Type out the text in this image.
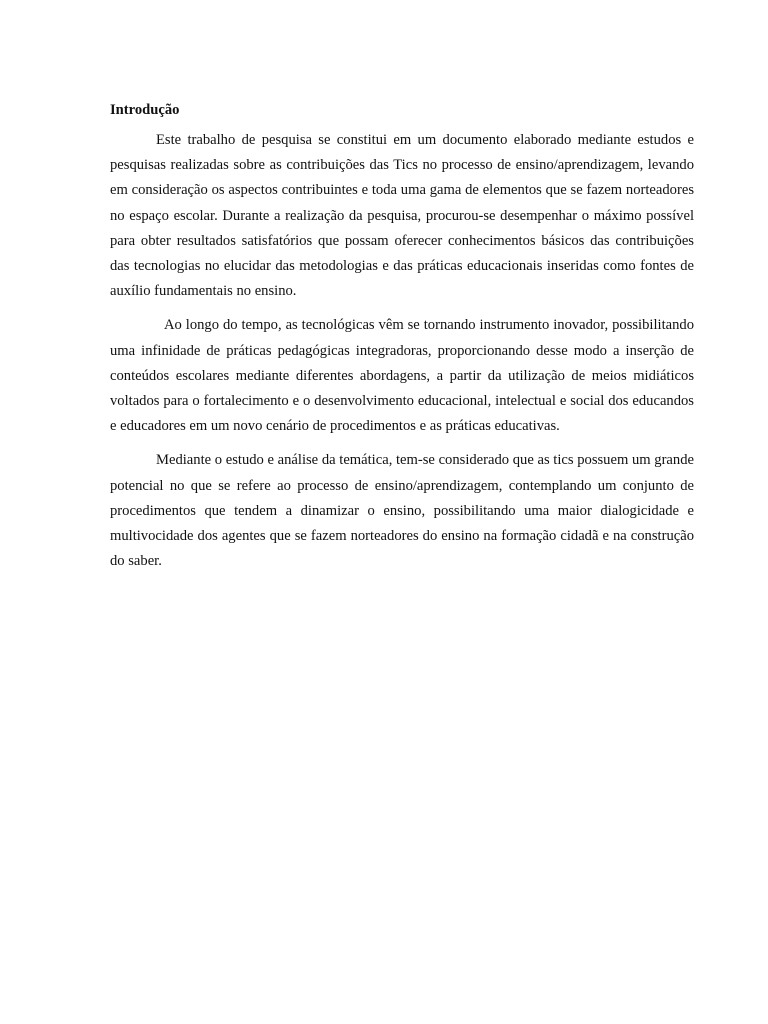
Introdução

Este trabalho de pesquisa se constitui em um documento elaborado mediante estudos e pesquisas realizadas sobre as contribuições das Tics no processo de ensino/aprendizagem, levando em consideração os aspectos contribuintes e toda uma gama de elementos que se fazem norteadores no espaço escolar. Durante a realização da pesquisa, procurou-se desempenhar o máximo possível para obter resultados satisfatórios que possam oferecer conhecimentos básicos das contribuições das tecnologias no elucidar das metodologias e das práticas educacionais inseridas como fontes de auxílio fundamentais no ensino.

Ao longo do tempo, as tecnológicas vêm se tornando instrumento inovador, possibilitando uma infinidade de práticas pedagógicas integradoras, proporcionando desse modo a inserção de conteúdos escolares mediante diferentes abordagens, a partir da utilização de meios midiáticos voltados para o fortalecimento e o desenvolvimento educacional, intelectual e social dos educandos e educadores em um novo cenário de procedimentos e as práticas educativas.

Mediante o estudo e análise da temática, tem-se considerado que as tics possuem um grande potencial no que se refere ao processo de ensino/aprendizagem, contemplando um conjunto de procedimentos que tendem a dinamizar o ensino, possibilitando uma maior dialogicidade e multivocidade dos agentes que se fazem norteadores do ensino na formação cidadã e na construção do saber.
